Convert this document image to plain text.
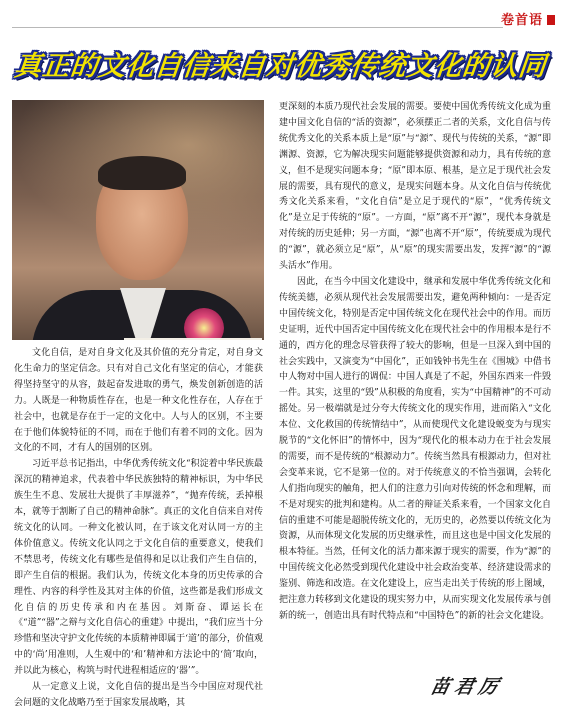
卷首语
真正的文化自信来自对优秀传统文化的认同

文化自信，是对自身文化及其价值的充分肯定，对自身文化生命力的坚定信念。只有对自己文化有坚定的信心，才能获得坚持坚守的从容，鼓起奋发进取的勇气，焕发创新创造的活力。人既是一种物质性存在，也是一种文化性存在，人存在于社会中，也就是存在于一定的文化中。人与人的区别，不主要在于他们体貌特征的不同，而在于他们有着不同的文化。因为文化的不同，才有人的国别的区别。

习近平总书记指出，中华优秀传统文化“积淀着中华民族最深沉的精神追求，代表着中华民族独特的精神标识，为中华民族生生不息、发展壮大提供了丰厚滋养”，“抛弃传统，丢掉根本，就等于割断了自己的精神命脉”。真正的文化自信来自对传统文化的认同。一种文化被认同，在于该文化对认同一方的主体价值意义。传统文化认同之于文化自信的重要意义，使我们不禁思考，传统文化有哪些是值得和足以让我们产生自信的，即产生自信的根据。我们认为，传统文化本身的历史传承的合理性、内容的科学性及其对主体的价值，这些都是我们形成文化自信的历史传承和内在基因。刘斯奋、谭运长在《“道”“器”之辩与文化自信心的重建》中提出，“我们应当十分珍惜和坚决守护文化传统的本质精神即属于‘道’的部分，价值观中的‘尚’用准则，人生观中的‘和’精神和方法论中的‘简’取向，并以此为核心，构筑与时代进程相适应的‘器’”。

从一定意义上说，文化自信的提出是当今中国应对现代社会问题的文化战略乃至于国家发展战略，其

更深刻的本质乃现代社会发展的需要。要使中国优秀传统文化成为重建中国文化自信的“活的资源”，必须摆正二者的关系，文化自信与传统优秀文化的关系本质上是“原”与“源”、现代与传统的关系，“源”即渊源、资源，它为解决现实问题能够提供资源和动力，具有传统的意义，但不是现实问题本身；“原”即本原、根基，是立足于现代社会发展的需要，具有现代的意义，是现实问题本身。从文化自信与传统优秀文化关系来看，“文化自信”是立足于现代的“原”，“优秀传统文化”是立足于传统的“原”。一方面，“原”离不开“源”，现代本身就是对传统的历史延伸；另一方面，“源”也离不开“原”，传统要成为现代的“源”，就必须立足“原”，从“原”的现实需要出发，发挥“源”的“源头活水”作用。

因此，在当今中国文化建设中，继承和发展中华优秀传统文化和传统美德，必须从现代社会发展需要出发，避免两种倾向：一是否定中国传统文化，特别是否定中国传统文化在现代社会中的作用。而历史证明，近代中国否定中国传统文化在现代社会中的作用根本是行不通的，西方化的理念尽管获得了较大的影响，但是一旦深入到中国的社会实践中，又演变为“中国化”，正如钱钟书先生在《围城》中借书中人物对中国人进行的调侃：中国人真是了不起，外国东西来一件毁一件。其实，这里的“毁”从积极的角度看，实为“中国精神”的不可动摇处。另一极端就是过分夸大传统文化的现实作用，进而陷入“文化本位、文化救国的传统情结中”，从而使现代文化建设蜕变为与现实脱节的“文化怀旧”的情怀中，因为“现代化的根本动力在于社会发展的需要，而不是传统的“根源动力”。传统当然具有根源动力，但对社会变革来说，它不是第一位的。对于传统意义的不恰当强调，会转化人们指向现实的触角，把人们的注意力引向对传统的怀念和理解，而不是对现实的批判和建构。从二者的辩证关系来看，一个国家文化自信的重建不可能是超脱传统文化的，无历史的，必然要以传统文化为资源，从而体现文化发展的历史继承性，而且这也是中国文化发展的根本特征。当然，任何文化的活力都来源于现实的需要，作为“源”的中国传统文化必然受到现代化建设中社会政治变革、经济建设需求的鉴别、筛选和改造。在文化建设上，应当走出关于传统的形上图域，把注意力转移到文化建设的现实努力中，从而实现文化发展传承与创新的统一，创造出具有时代特点和“中国特色”的新的社会文化建设。

苗君厉
